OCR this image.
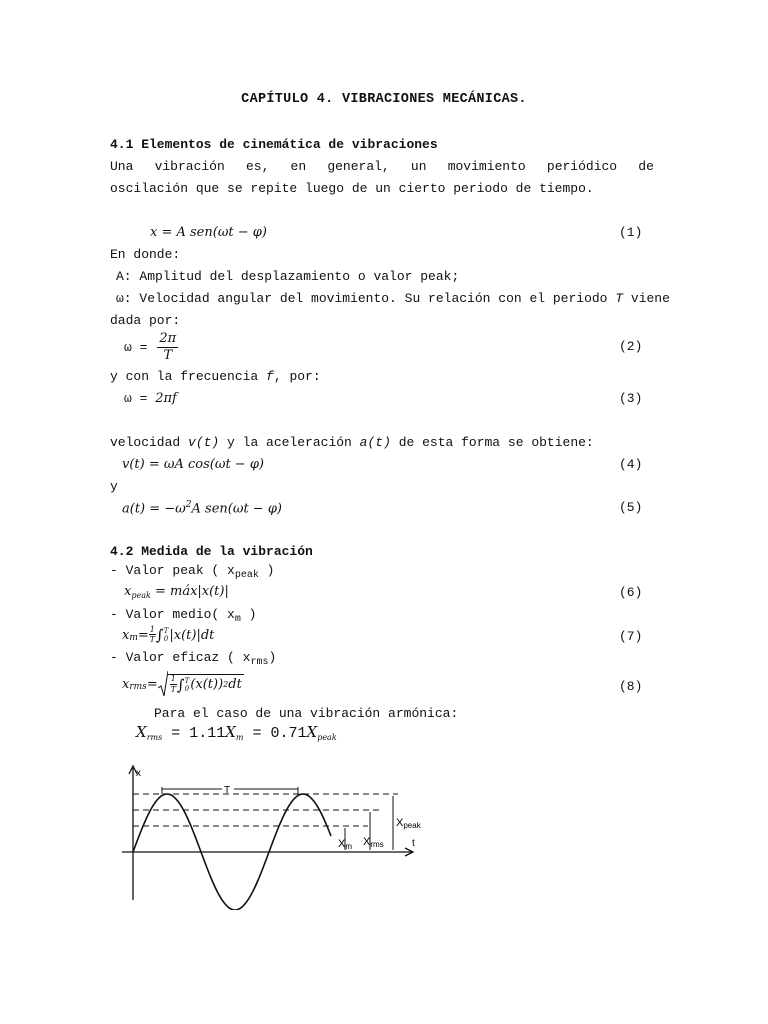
CAPÍTULO 4. VIBRACIONES MECÁNICAS.
4.1 Elementos de cinemática de vibraciones
Una vibración es, en general, un movimiento periódico de
oscilación que se repite luego de un cierto periodo de tiempo.
x = A sen(ωt − φ)	(1)
En donde:
A: Amplitud del desplazamiento o valor peak;
ω: Velocidad angular del movimiento. Su relación con el periodo T viene
dada por:
$\omega = \frac{2\pi}{T}$	(2)
y con la frecuencia f, por:
ω = 2πf	(3)
velocidad v(t) y la aceleración a(t) de esta forma se obtiene:
v(t) = ωA cos(ωt − φ)	(4)
y
$a(t) = -\omega^2A$ sen(ωt − φ)	(5)
4.2 Medida de la vibración
- Valor peak ( $x_{peak}$ )
$x_{peak}$ = máx|x(t)|	(6)
- Valor medio( $x_m$ )
x $m = \frac{1}{T}$ ∫ T
0 |x(t)|dt	(7)
- Valor eficaz ( $x_{rms}$)
x rms = $\frac{1}{T}$ ∫ T
0 (x(t)) 2 dt	(8)
Para el caso de una vibración armónica:
$X_{rms} = 1.11X_m = 0.71X_{peak}$
x
t
T
Xpeak
Xrms
Xm
